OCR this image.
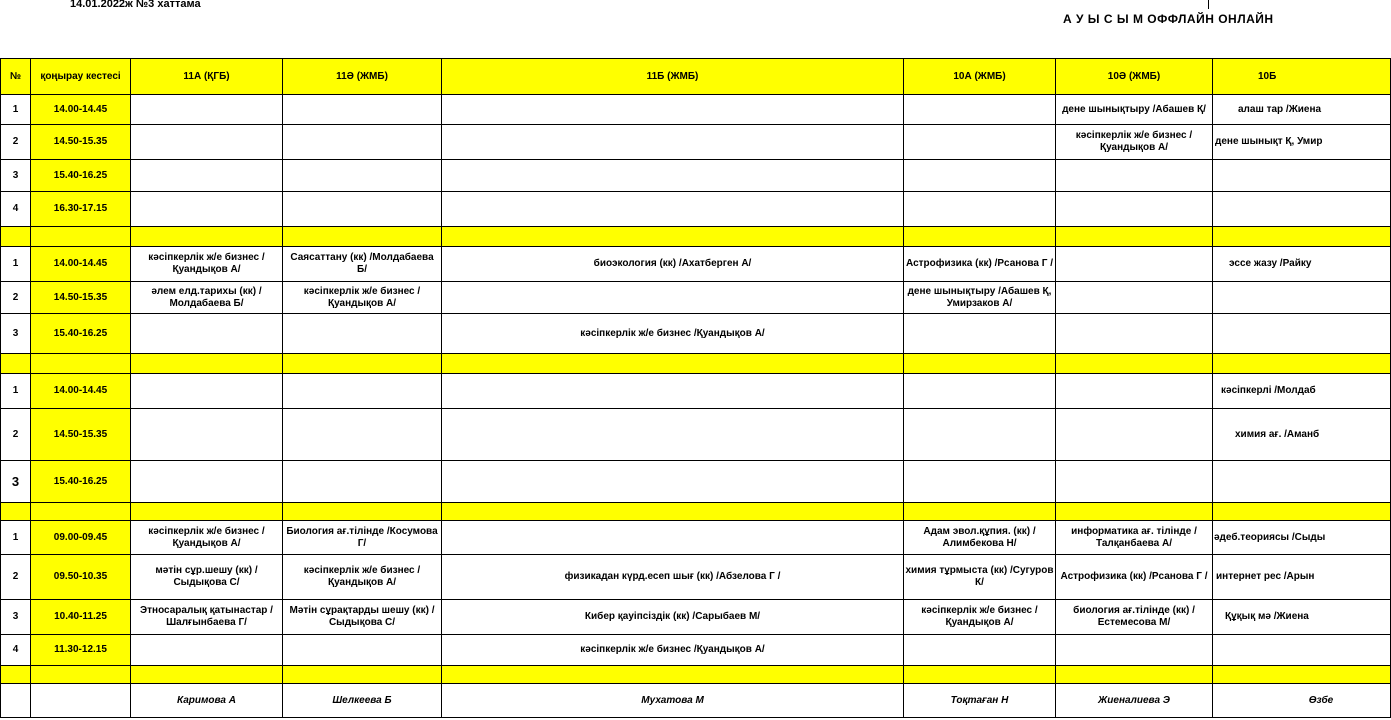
14.01.2022ж №3 хаттама
А У Ы С Ы М ОФФЛАЙН ОНЛАЙН
№	қоңырау кестесі	11А (ҚГБ)	11Ә (ЖМБ)	11Б (ЖМБ)	10А (ЖМБ)	10Ә (ЖМБ)	10Б
1	14.00-14.45					дене шынықтыру /Абашев Қ/	алаш тар /Жиена
2	14.50-15.35					кәсіпкерлік ж/е бизнес /Қуандықов А/	дене шынықт Қ, Умир
3	15.40-16.25						
4	16.30-17.15						

1	14.00-14.45	кәсіпкерлік ж/е бизнес /Қуандықов А/	Саясаттану (кк) /Молдабаева Б/	биоэкология (кк) /Ахатберген А/	Астрофизика (кк) /Рсанова Г /		эссе жазу /Райку
2	14.50-15.35	әлем елд.тарихы (кк) /Молдабаева Б/	кәсіпкерлік ж/е бизнес /Қуандықов А/		дене шынықтыру /Абашев Қ, Умирзаков А/		
3	15.40-16.25			кәсіпкерлік ж/е бизнес /Қуандықов А/			

1	14.00-14.45						кәсіпкерлі /Молдаб
2	14.50-15.35						химия ағ. /Аманб
3	15.40-16.25						

1	09.00-09.45	кәсіпкерлік ж/е бизнес /Қуандықов А/	Биология ағ.тілінде /Косумова Г/		Адам эвол.құпия. (кк) /Алимбекова Н/	информатика ағ. тілінде /Талқанбаева А/	әдеб.теориясы /Сыды
2	09.50-10.35	мәтін сұр.шешу (кк) /Сыдықова С/	кәсіпкерлік ж/е бизнес /Қуандықов А/	физикадан күрд.есеп шығ (кк) /Абзелова Г /	химия тұрмыста (кк) /Сугуров К/	Астрофизика (кк) /Рсанова Г /	интернет рес /Арын
3	10.40-11.25	Этносаралық қатынастар /Шалғынбаева Г/	Мәтін сұрақтарды шешу (кк) /Сыдықова С/	Кибер қауіпсіздік (кк) /Сарыбаев М/	кәсіпкерлік ж/е бизнес /Қуандықов А/	биология ағ.тілінде (кк) /Естемесова М/	Құқық мә /Жиена
4	11.30-12.15			кәсіпкерлік ж/е бизнес /Қуандықов А/			

		Каримова А	Шелкеева Б	Мухатова М	Тоқтаған Н	Жиеналиева Э	Өзбе
